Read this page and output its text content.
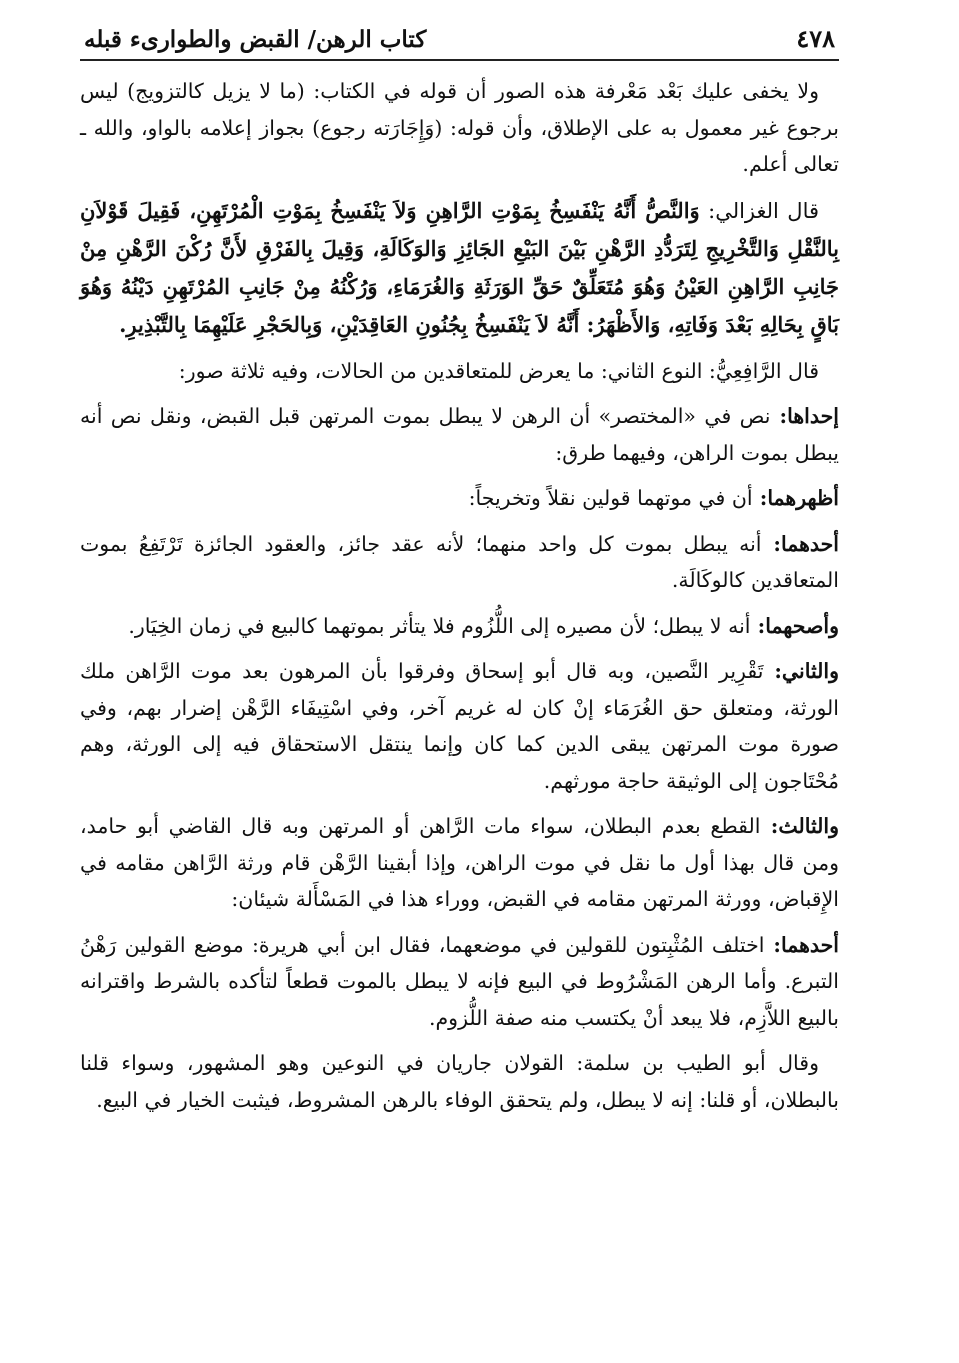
٤٧٨
كتاب الرهن/ القبض والطوارىء قبله

ولا يخفى عليك بَعْد مَعْرفة هذه الصور أن قوله في الكتاب: (ما لا يزيل كالتزويج) ليس برجوع غير معمول به على الإطلاق، وأن قوله: (وَإِجَارَته رجوع) بجواز إعلامه بالواو، والله ـ تعالى أعلم.

قال الغزالي: وَالنَّصُّ أَنَّهُ يَنْفَسِخُ بِمَوْتِ الرَّاهِنِ وَلاَ يَنْفَسِخُ بِمَوْتِ الْمُرْتَهِنِ، فَقِيلَ قَوْلاَنِ بِالنَّقْلِ وَالتَّخْرِيجِ لِتَرَدُّدِ الرَّهْنِ بَيْنَ البَيْعِ الجَائِزِ وَالوَكَالَةِ، وَقِيلَ بِالفَرْقِ لأَنَّ رُكْنَ الرَّهْنِ مِنْ جَانِبِ الرَّاهِنِ العَيْنُ وَهُوَ مُتَعَلِّقٌ حَقِّ الوَرَثَةِ وَالغُرَمَاءِ، وَرُكْنُهُ مِنْ جَانِبِ المُرْتَهِنِ دَيْنُهُ وَهُوَ بَاقٍ بِحَالِهِ بَعْدَ وَفَاتِهِ، وَالأَظْهَرُ: أَنَّهُ لاَ يَنْفَسِخُ بِجُنُونِ العَاقِدَيْنِ، وَبِالحَجْرِ عَلَيْهِمَا بِالتَّبْذِيرِ.

قال الرَّافِعِيُّ: النوع الثاني: ما يعرض للمتعاقدين من الحالات، وفيه ثلاثة صور:

إحداها: نص في «المختصر» أن الرهن لا يبطل بموت المرتهن قبل القبض، ونقل نص أنه يبطل بموت الراهن، وفيهما طرق:

أظهرهما: أن في موتهما قولين نقلاً وتخريجاً:

أحدهما: أنه يبطل بموت كل واحد منهما؛ لأنه عقد جائز، والعقود الجائزة تَرْتَفِعُ بموت المتعاقدين كالوكَالَة.

وأصحهما: أنه لا يبطل؛ لأن مصيره إلى اللُّزُوم فلا يتأثر بموتهما كالبيع في زمان الخِيَار.

والثاني: تَقْرِير النَّصين، وبه قال أبو إسحاق وفرقوا بأن المرهون بعد موت الرَّاهن ملك الورثة، ومتعلق حق الغُرَمَاء إنْ كان له غريم آخر، وفي اسْتِيفَاء الرَّهْن إضرار بهم، وفي صورة موت المرتهن يبقى الدين كما كان وإنما ينتقل الاستحقاق فيه إلى الورثة، وهم مُحْتَاجون إلى الوثيقة حاجة مورثهم.

والثالث: القطع بعدم البطلان، سواء مات الرَّاهن أو المرتهن وبه قال القاضي أبو حامد، ومن قال بهذا أول ما نقل في موت الراهن، وإذا أبقينا الرَّهْن قام ورثة الرَّاهن مقامه في الإِقباض، وورثة المرتهن مقامه في القبض، ووراء هذا في المَسْأَلة شيئان:

أحدهما: اختلف المُثْبِتون للقولين في موضعهما، فقال ابن أبي هريرة: موضع القولين رَهْنُ التبرع. وأما الرهن المَشْرُوط في البيع فإنه لا يبطل بالموت قطعاً لتأكده بالشرط واقترانه بالبيع اللاَّزِم، فلا يبعد أنْ يكتسب منه صفة اللُّزوم.

وقال أبو الطيب بن سلمة: القولان جاريان في النوعين وهو المشهور، وسواء قلنا بالبطلان، أو قلنا: إنه لا يبطل، ولم يتحقق الوفاء بالرهن المشروط، فيثبت الخيار في البيع.
